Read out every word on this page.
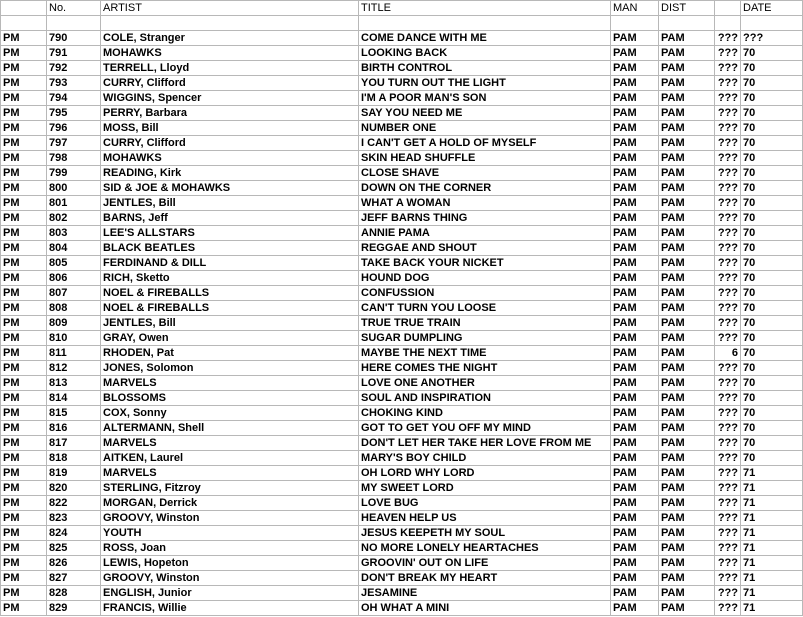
	No.	ARTIST	TITLE	MAN	DIST		DATE

PM	790	COLE, Stranger	COME DANCE WITH ME	PAM	PAM	???	???
PM	791	MOHAWKS	LOOKING BACK	PAM	PAM	???	70
PM	792	TERRELL, Lloyd	BIRTH CONTROL	PAM	PAM	???	70
PM	793	CURRY, Clifford	YOU TURN OUT THE LIGHT	PAM	PAM	???	70
PM	794	WIGGINS, Spencer	I'M A POOR MAN'S SON	PAM	PAM	???	70
PM	795	PERRY, Barbara	SAY YOU NEED ME	PAM	PAM	???	70
PM	796	MOSS, Bill	NUMBER ONE	PAM	PAM	???	70
PM	797	CURRY, Clifford	I CAN'T GET A HOLD OF MYSELF	PAM	PAM	???	70
PM	798	MOHAWKS	SKIN HEAD SHUFFLE	PAM	PAM	???	70
PM	799	READING, Kirk	CLOSE SHAVE	PAM	PAM	???	70
PM	800	SID & JOE & MOHAWKS	DOWN ON THE CORNER	PAM	PAM	???	70
PM	801	JENTLES, Bill	WHAT A WOMAN	PAM	PAM	???	70
PM	802	BARNS, Jeff	JEFF BARNS THING	PAM	PAM	???	70
PM	803	LEE'S ALLSTARS	ANNIE PAMA	PAM	PAM	???	70
PM	804	BLACK BEATLES	REGGAE AND SHOUT	PAM	PAM	???	70
PM	805	FERDINAND & DILL	TAKE BACK YOUR NICKET	PAM	PAM	???	70
PM	806	RICH, Sketto	HOUND DOG	PAM	PAM	???	70
PM	807	NOEL & FIREBALLS	CONFUSSION	PAM	PAM	???	70
PM	808	NOEL & FIREBALLS	CAN'T TURN YOU LOOSE	PAM	PAM	???	70
PM	809	JENTLES, Bill	TRUE TRUE TRAIN	PAM	PAM	???	70
PM	810	GRAY, Owen	SUGAR DUMPLING	PAM	PAM	???	70
PM	811	RHODEN, Pat	MAYBE THE NEXT TIME	PAM	PAM	6	70
PM	812	JONES, Solomon	HERE COMES THE NIGHT	PAM	PAM	???	70
PM	813	MARVELS	LOVE ONE ANOTHER	PAM	PAM	???	70
PM	814	BLOSSOMS	SOUL AND INSPIRATION	PAM	PAM	???	70
PM	815	COX, Sonny	CHOKING KIND	PAM	PAM	???	70
PM	816	ALTERMANN, Shell	GOT TO GET YOU OFF MY MIND	PAM	PAM	???	70
PM	817	MARVELS	DON'T LET HER TAKE HER LOVE FROM ME	PAM	PAM	???	70
PM	818	AITKEN, Laurel	MARY'S BOY CHILD	PAM	PAM	???	70
PM	819	MARVELS	OH LORD WHY LORD	PAM	PAM	???	71
PM	820	STERLING, Fitzroy	MY SWEET LORD	PAM	PAM	???	71
PM	822	MORGAN, Derrick	LOVE BUG	PAM	PAM	???	71
PM	823	GROOVY, Winston	HEAVEN HELP US	PAM	PAM	???	71
PM	824	YOUTH	JESUS KEEPETH MY SOUL	PAM	PAM	???	71
PM	825	ROSS, Joan	NO MORE LONELY HEARTACHES	PAM	PAM	???	71
PM	826	LEWIS, Hopeton	GROOVIN' OUT ON LIFE	PAM	PAM	???	71
PM	827	GROOVY, Winston	DON'T BREAK MY HEART	PAM	PAM	???	71
PM	828	ENGLISH, Junior	JESAMINE	PAM	PAM	???	71
PM	829	FRANCIS, Willie	OH WHAT A MINI	PAM	PAM	???	71
